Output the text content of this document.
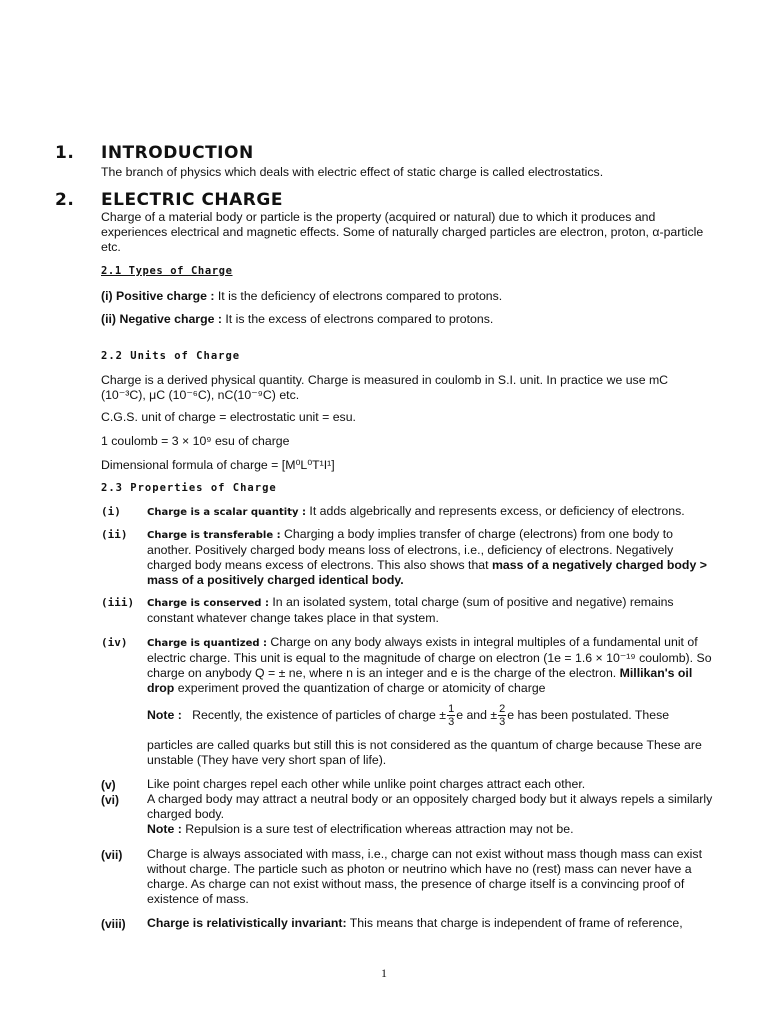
1. INTRODUCTION
The branch of physics which deals with electric effect of static charge is called electrostatics.
2. ELECTRIC CHARGE
Charge of a material body or particle is the property (acquired or natural) due to which it produces and experiences electrical and magnetic effects. Some of naturally charged particles are electron, proton, α-particle etc.
2.1 Types of Charge
(i) Positive charge : It is the deficiency of electrons compared to protons.
(ii) Negative charge : It is the excess of electrons compared to protons.
2.2 Units of Charge
Charge is a derived physical quantity. Charge is measured in coulomb in S.I. unit. In practice we use mC (10⁻³C), μC (10⁻⁶C), nC(10⁻⁹C) etc.
C.G.S. unit of charge = electrostatic unit = esu.
1 coulomb = 3 × 10⁹ esu of charge
Dimensional formula of charge = [M⁰L⁰T¹I¹]
2.3 Properties of Charge
(i)	Charge is a scalar quantity : It adds algebrically and represents excess, or deficiency of electrons.
(ii) Charge is transferable : Charging a body implies transfer of charge (electrons) from one body to another. Positively charged body means loss of electrons, i.e., deficiency of electrons. Negatively charged body means excess of electrons. This also shows that mass of a negatively charged body > mass of a positively charged identical body.
(iii) Charge is conserved : In an isolated system, total charge (sum of positive and negative) remains constant whatever change takes place in that system.
(iv) Charge is quantized : Charge on any body always exists in integral multiples of a fundamental unit of electric charge. This unit is equal to the magnitude of charge on electron (1e = 1.6 × 10⁻¹⁹ coulomb). So charge on anybody Q = ± ne, where n is an integer and e is the charge of the electron. Millikan's oil drop experiment proved the quantization of charge or atomicity of charge
Note : Recently, the existence of particles of charge ± $\frac{1}{3}$ e and ± $\frac{2}{3}$ e has been postulated. These
particles are called quarks but still this is not considered as the quantum of charge because These are unstable (They have very short span of life).
(v)	Like point charges repel each other while unlike point charges attract each other.
(vi) A charged body may attract a neutral body or an oppositely charged body but it always repels a similarly charged body.
Note : Repulsion is a sure test of electrification whereas attraction may not be.
(vii) Charge is always associated with mass, i.e., charge can not exist without mass though mass can exist without charge. The particle such as photon or neutrino which have no (rest) mass can never have a charge. As charge can not exist without mass, the presence of charge itself is a convincing proof of existence of mass.
(viii) Charge is relativistically invariant: This means that charge is independent of frame of reference,
1
